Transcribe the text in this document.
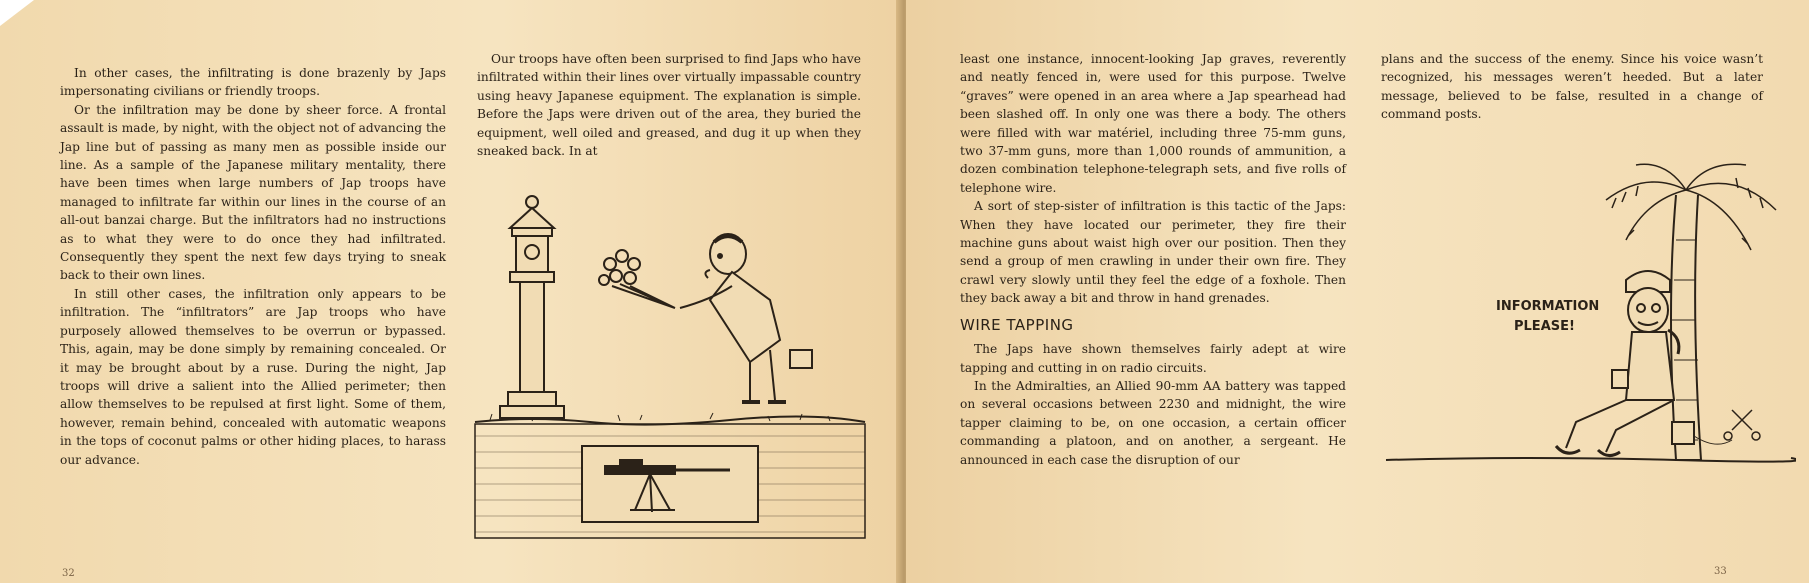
In other cases, the infiltrating is done brazenly by Japs impersonating civilians or friendly troops.

Or the infiltration may be done by sheer force. A frontal assault is made, by night, with the object not of advancing the Jap line but of passing as many men as possible inside our line. As a sample of the Japanese military mentality, there have been times when large numbers of Jap troops have managed to infiltrate far within our lines in the course of an all-out banzai charge. But the infiltrators had no instructions as to what they were to do once they had infiltrated. Consequently they spent the next few days trying to sneak back to their own lines.

In still other cases, the infiltration only appears to be infiltration. The “infiltrators” are Jap troops who have purposely allowed themselves to be overrun or bypassed. This, again, may be done simply by remaining concealed. Or it may be brought about by a ruse. During the night, Jap troops will drive a salient into the Allied perimeter; then allow themselves to be repulsed at first light. Some of them, however, remain behind, concealed with automatic weapons in the tops of coconut palms or other hiding places, to harass our advance.

Our troops have often been surprised to find Japs who have infiltrated within their lines over virtually impassable country using heavy Japanese equipment. The explanation is simple. Before the Japs were driven out of the area, they buried the equipment, well oiled and greased, and dug it up when they sneaked back. In at

32

least one instance, innocent-looking Jap graves, reverently and neatly fenced in, were used for this purpose. Twelve “graves” were opened in an area where a Jap spearhead had been slashed off. In only one was there a body. The others were filled with war matériel, including three 75-mm guns, two 37-mm guns, more than 1,000 rounds of ammunition, a dozen combination telephone-telegraph sets, and five rolls of telephone wire.

A sort of step-sister of infiltration is this tactic of the Japs: When they have located our perimeter, they fire their machine guns about waist high over our position. Then they send a group of men crawling in under their own fire. They crawl very slowly until they feel the edge of a foxhole. Then they back away a bit and throw in hand grenades.

WIRE TAPPING

The Japs have shown themselves fairly adept at wire tapping and cutting in on radio circuits.

In the Admiralties, an Allied 90-mm AA battery was tapped on several occasions between 2230 and midnight, the wire tapper claiming to be, on one occasion, a certain officer commanding a platoon, and on another, a sergeant. He announced in each case the disruption of our

plans and the success of the enemy. Since his voice wasn’t recognized, his messages weren’t heeded. But a later message, believed to be false, resulted in a change of command posts.

INFORMATION
PLEASE!
33
